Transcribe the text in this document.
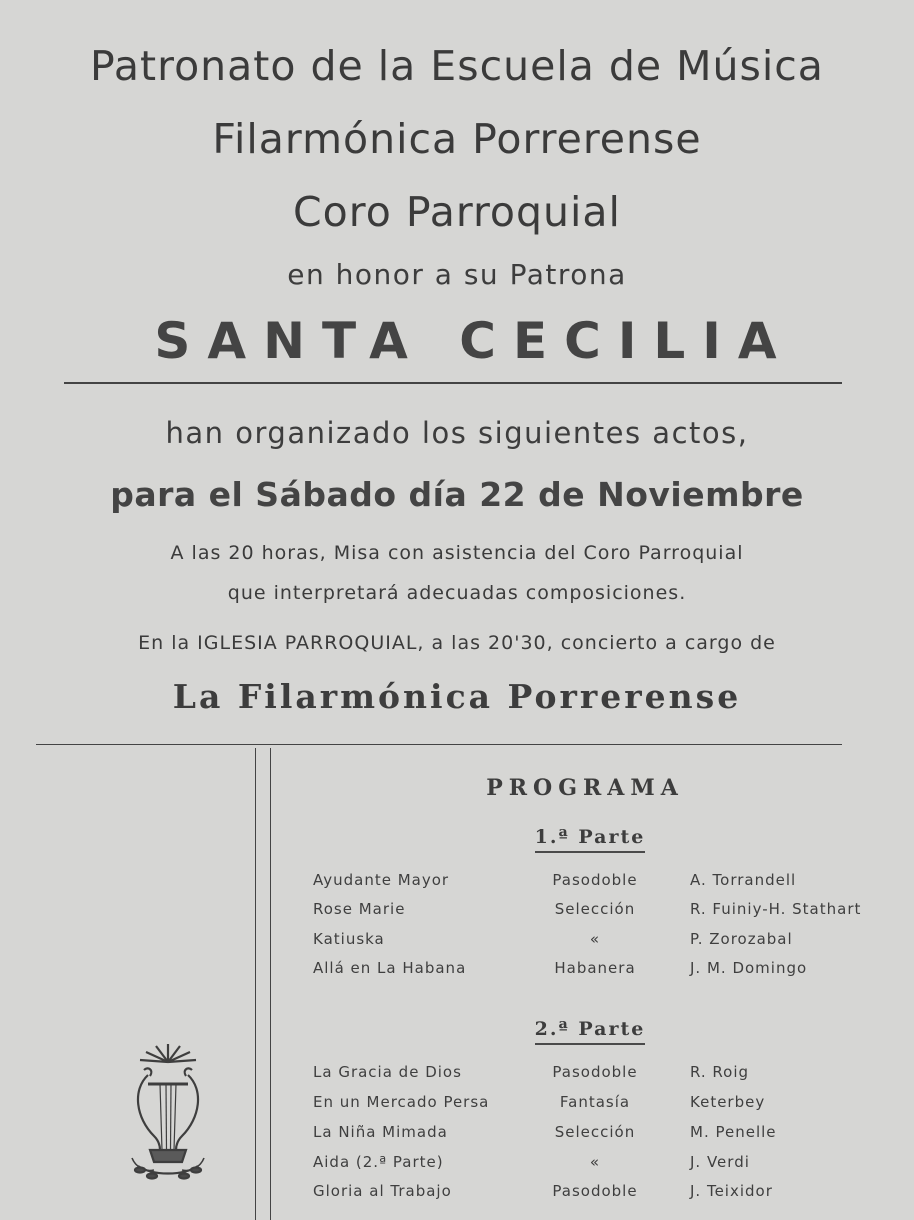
Patronato de la Escuela de Música
Filarmónica Porrerense
Coro Parroquial
en honor a su Patrona
SANTA CECILIA
han organizado los siguientes actos,
para el Sábado día 22 de Noviembre
A las 20 horas, Misa con asistencia del Coro Parroquial
que interpretará adecuadas composiciones.
En la IGLESIA PARROQUIAL, a las 20'30, concierto a cargo de
La Filarmónica Porrerense
PROGRAMA
1.ª Parte
Ayudante Mayor	Pasodoble	A. Torrandell
Rose Marie	Selección	R. Fuiniy-H. Stathart
Katiuska	«	P. Zorozabal
Allá en La Habana	Habanera	J. M. Domingo
2.ª Parte
La Gracia de Dios	Pasodoble	R. Roig
En un Mercado Persa	Fantasía	Keterbey
La Niña Mimada	Selección	M. Penelle
Aida (2.ª Parte)	«	J. Verdi
Gloria al Trabajo	Pasodoble	J. Teixidor
